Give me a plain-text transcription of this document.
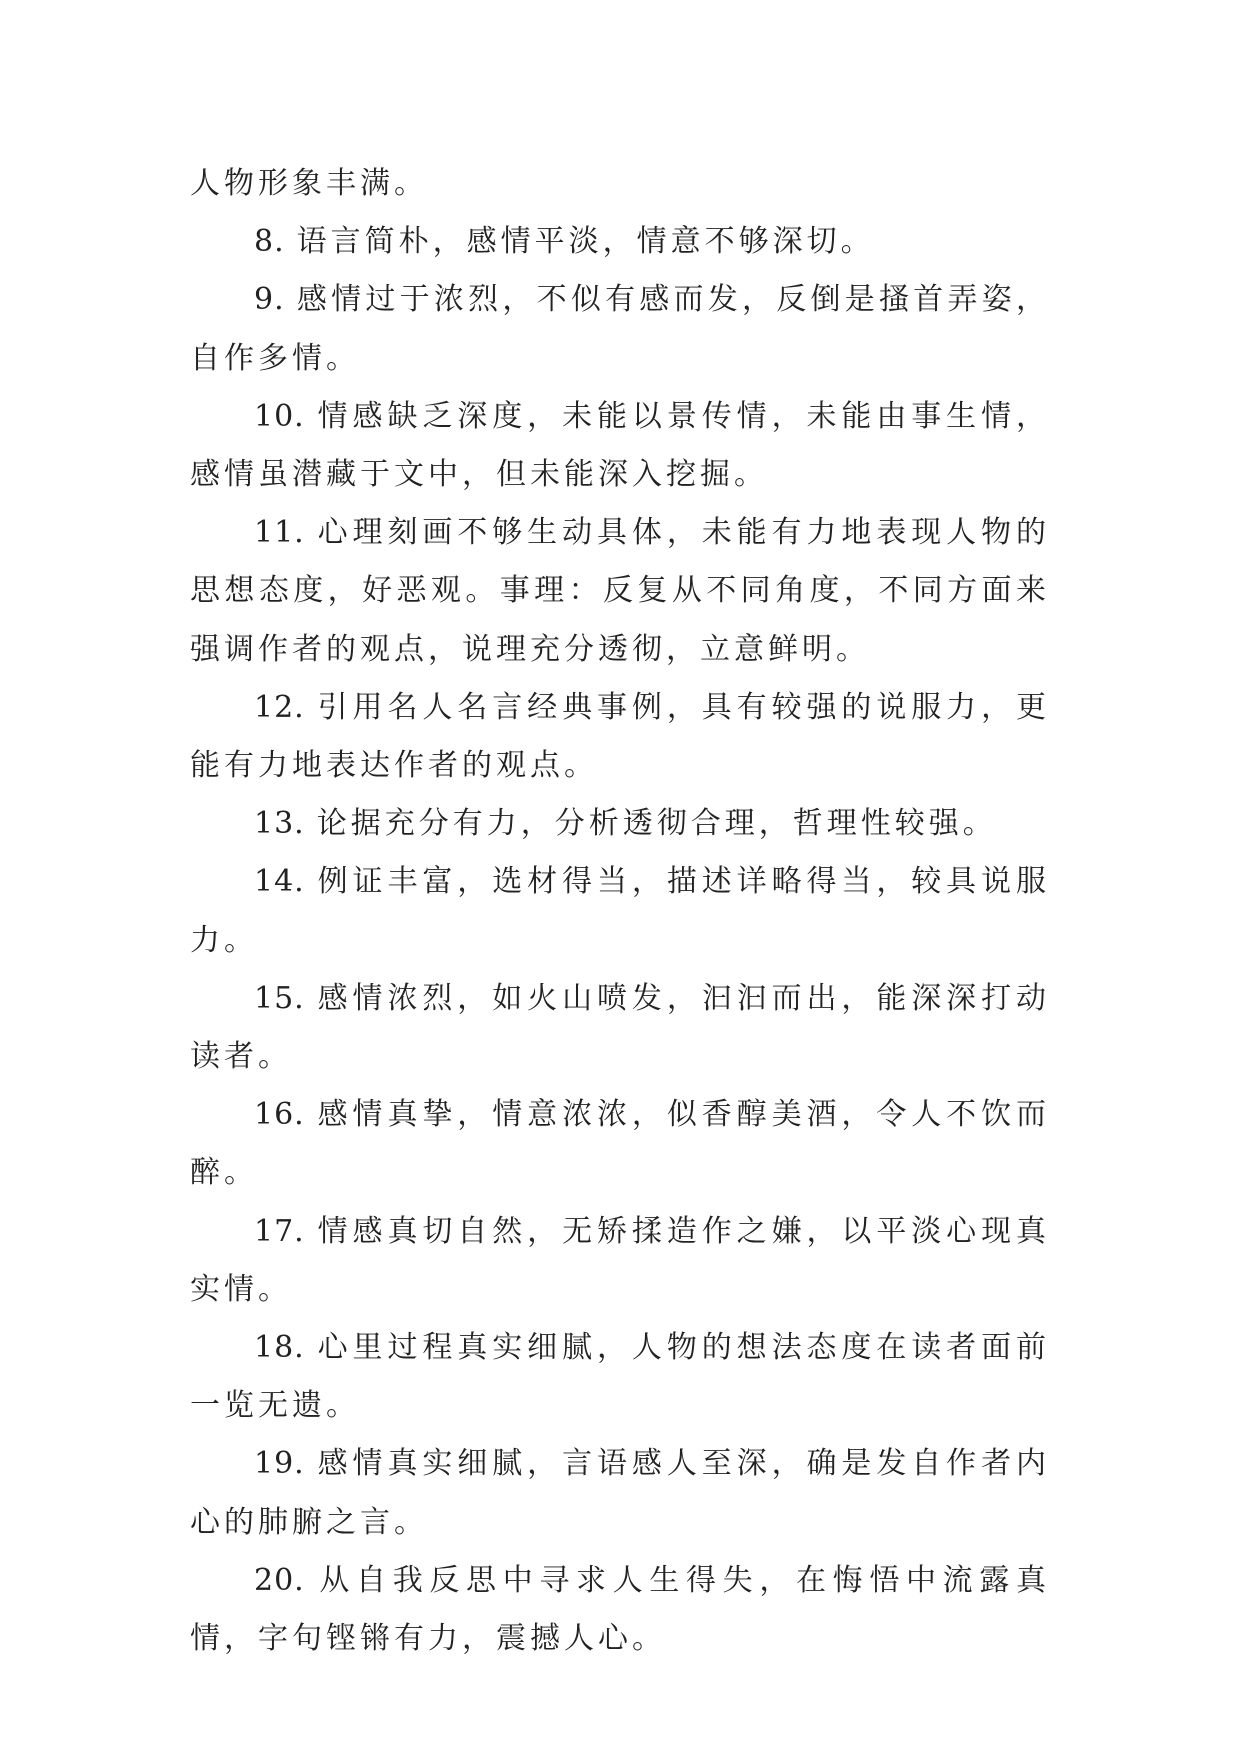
人物形象丰满。

8. 语言简朴，感情平淡，情意不够深切。

9. 感情过于浓烈，不似有感而发，反倒是搔首弄姿，自作多情。

10. 情感缺乏深度，未能以景传情，未能由事生情，感情虽潜藏于文中，但未能深入挖掘。

11. 心理刻画不够生动具体，未能有力地表现人物的思想态度，好恶观。事理：反复从不同角度，不同方面来强调作者的观点，说理充分透彻，立意鲜明。

12. 引用名人名言经典事例，具有较强的说服力，更能有力地表达作者的观点。

13. 论据充分有力，分析透彻合理，哲理性较强。

14. 例证丰富，选材得当，描述详略得当，较具说服力。

15. 感情浓烈，如火山喷发，汩汩而出，能深深打动读者。

16. 感情真挚，情意浓浓，似香醇美酒，令人不饮而醉。

17. 情感真切自然，无矫揉造作之嫌，以平淡心现真实情。

18. 心里过程真实细腻，人物的想法态度在读者面前一览无遗。

19. 感情真实细腻，言语感人至深，确是发自作者内心的肺腑之言。

20. 从自我反思中寻求人生得失，在悔悟中流露真情，字句铿锵有力，震撼人心。
